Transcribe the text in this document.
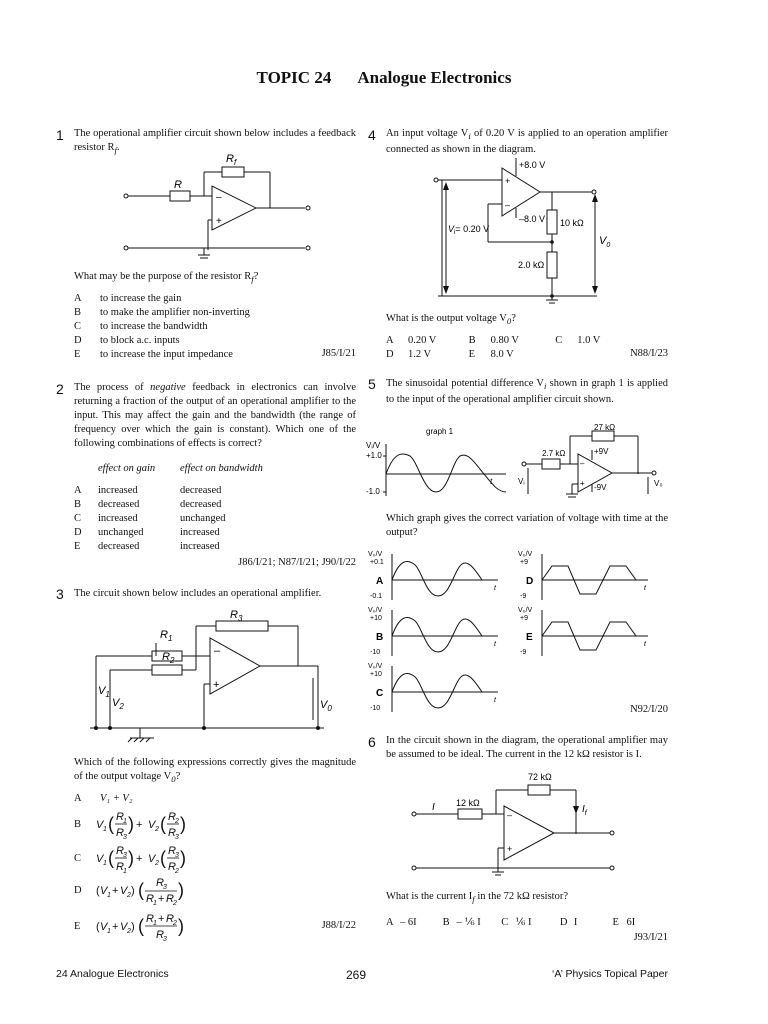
TOPIC 24 Analogue Electronics
1 The operational amplifier circuit shown below includes a feedback resistor $R_f$.
$R_f$
R
–
+
What may be the purpose of the resistor $R_f$?
A to increase the gain
B to make the amplifier non-inverting
C to increase the bandwidth
D to block a.c. inputs
E to increase the input impedance	J85/I/21
2 The process of negative feedback in electronics can involve returning a fraction of the output of an operational amplifier to the input. This may affect the gain and the bandwidth (the range of frequency over which the gain is constant). Which one of the following combinations of effects is correct?
effect on gain effect on bandwidth
A increased	decreased
B decreased	decreased
C increased	unchanged
D unchanged	increased
E decreased	increased
J86/I/21; N87/I/21; J90/I/22
3 The circuit shown below includes an operational amplifier.
$R_3$
$R_1$
$R_2$
$V_1$
$V_2$	$V_0$
–
+
Which of the following expressions correctly gives the magnitude of the output voltage $V_0$?
A V₁ + V₂
B
C
D
E
V 1 ( R 1
R 3
) + V 2 ( R 2
R 3
)
V 1 ( R 3
R 1
) + V 2 ( R 3
R 2
)
( V 1 + V 2 ) ( R 3
R 1 + R 2
)
( V 1 + V 2 ) ( R 1 + R 2
R 3
)	J88/I/22
4 An input voltage $V_i$ of 0.20 V is applied to an operation amplifier connected as shown in the diagram.
+8.0 V
–8.0 V 10 kΩ
2.0 kΩ
$V_i= 0.20$ V
$V_0$
+
–
What is the output voltage $V_0$?
A 0.20 V	B 0.80 V	C 1.0 V
D 1.2 V	E 8.0 V	N88/I/23
5 The sinusoidal potential difference $V_i$ shown in graph 1 is applied to the input of the operational amplifier circuit shown.
graph 1
Vᵢ/V
+1.0
-1.0
t
27 kΩ
2.7 kΩ	+9V
-9V
Vᵢ	V₀
–
+
Which graph gives the correct variation of voltage with time at the output?
V₀/V
+0.1
-0.1
A
t
V₀/V
+10
-10
B
t
V₀/V
+10
-10
C
t
V₀/V
+9
-9
D
t
V₀/V
+9
-9
E
t
N92/I/20
6 In the circuit shown in the diagram, the operational amplifier may be assumed to be ideal. The current in the 12 kΩ resistor is I.
72 kΩ
12 kΩ
I	$I_f$
–
+
What is the current $I_f$ in the 72 kΩ resistor?
A – 6I B – ⅙ I C ⅙ I	D I	E 6I
J93/I/21
24 Analogue Electronics	269	‘A’ Physics Topical Paper
